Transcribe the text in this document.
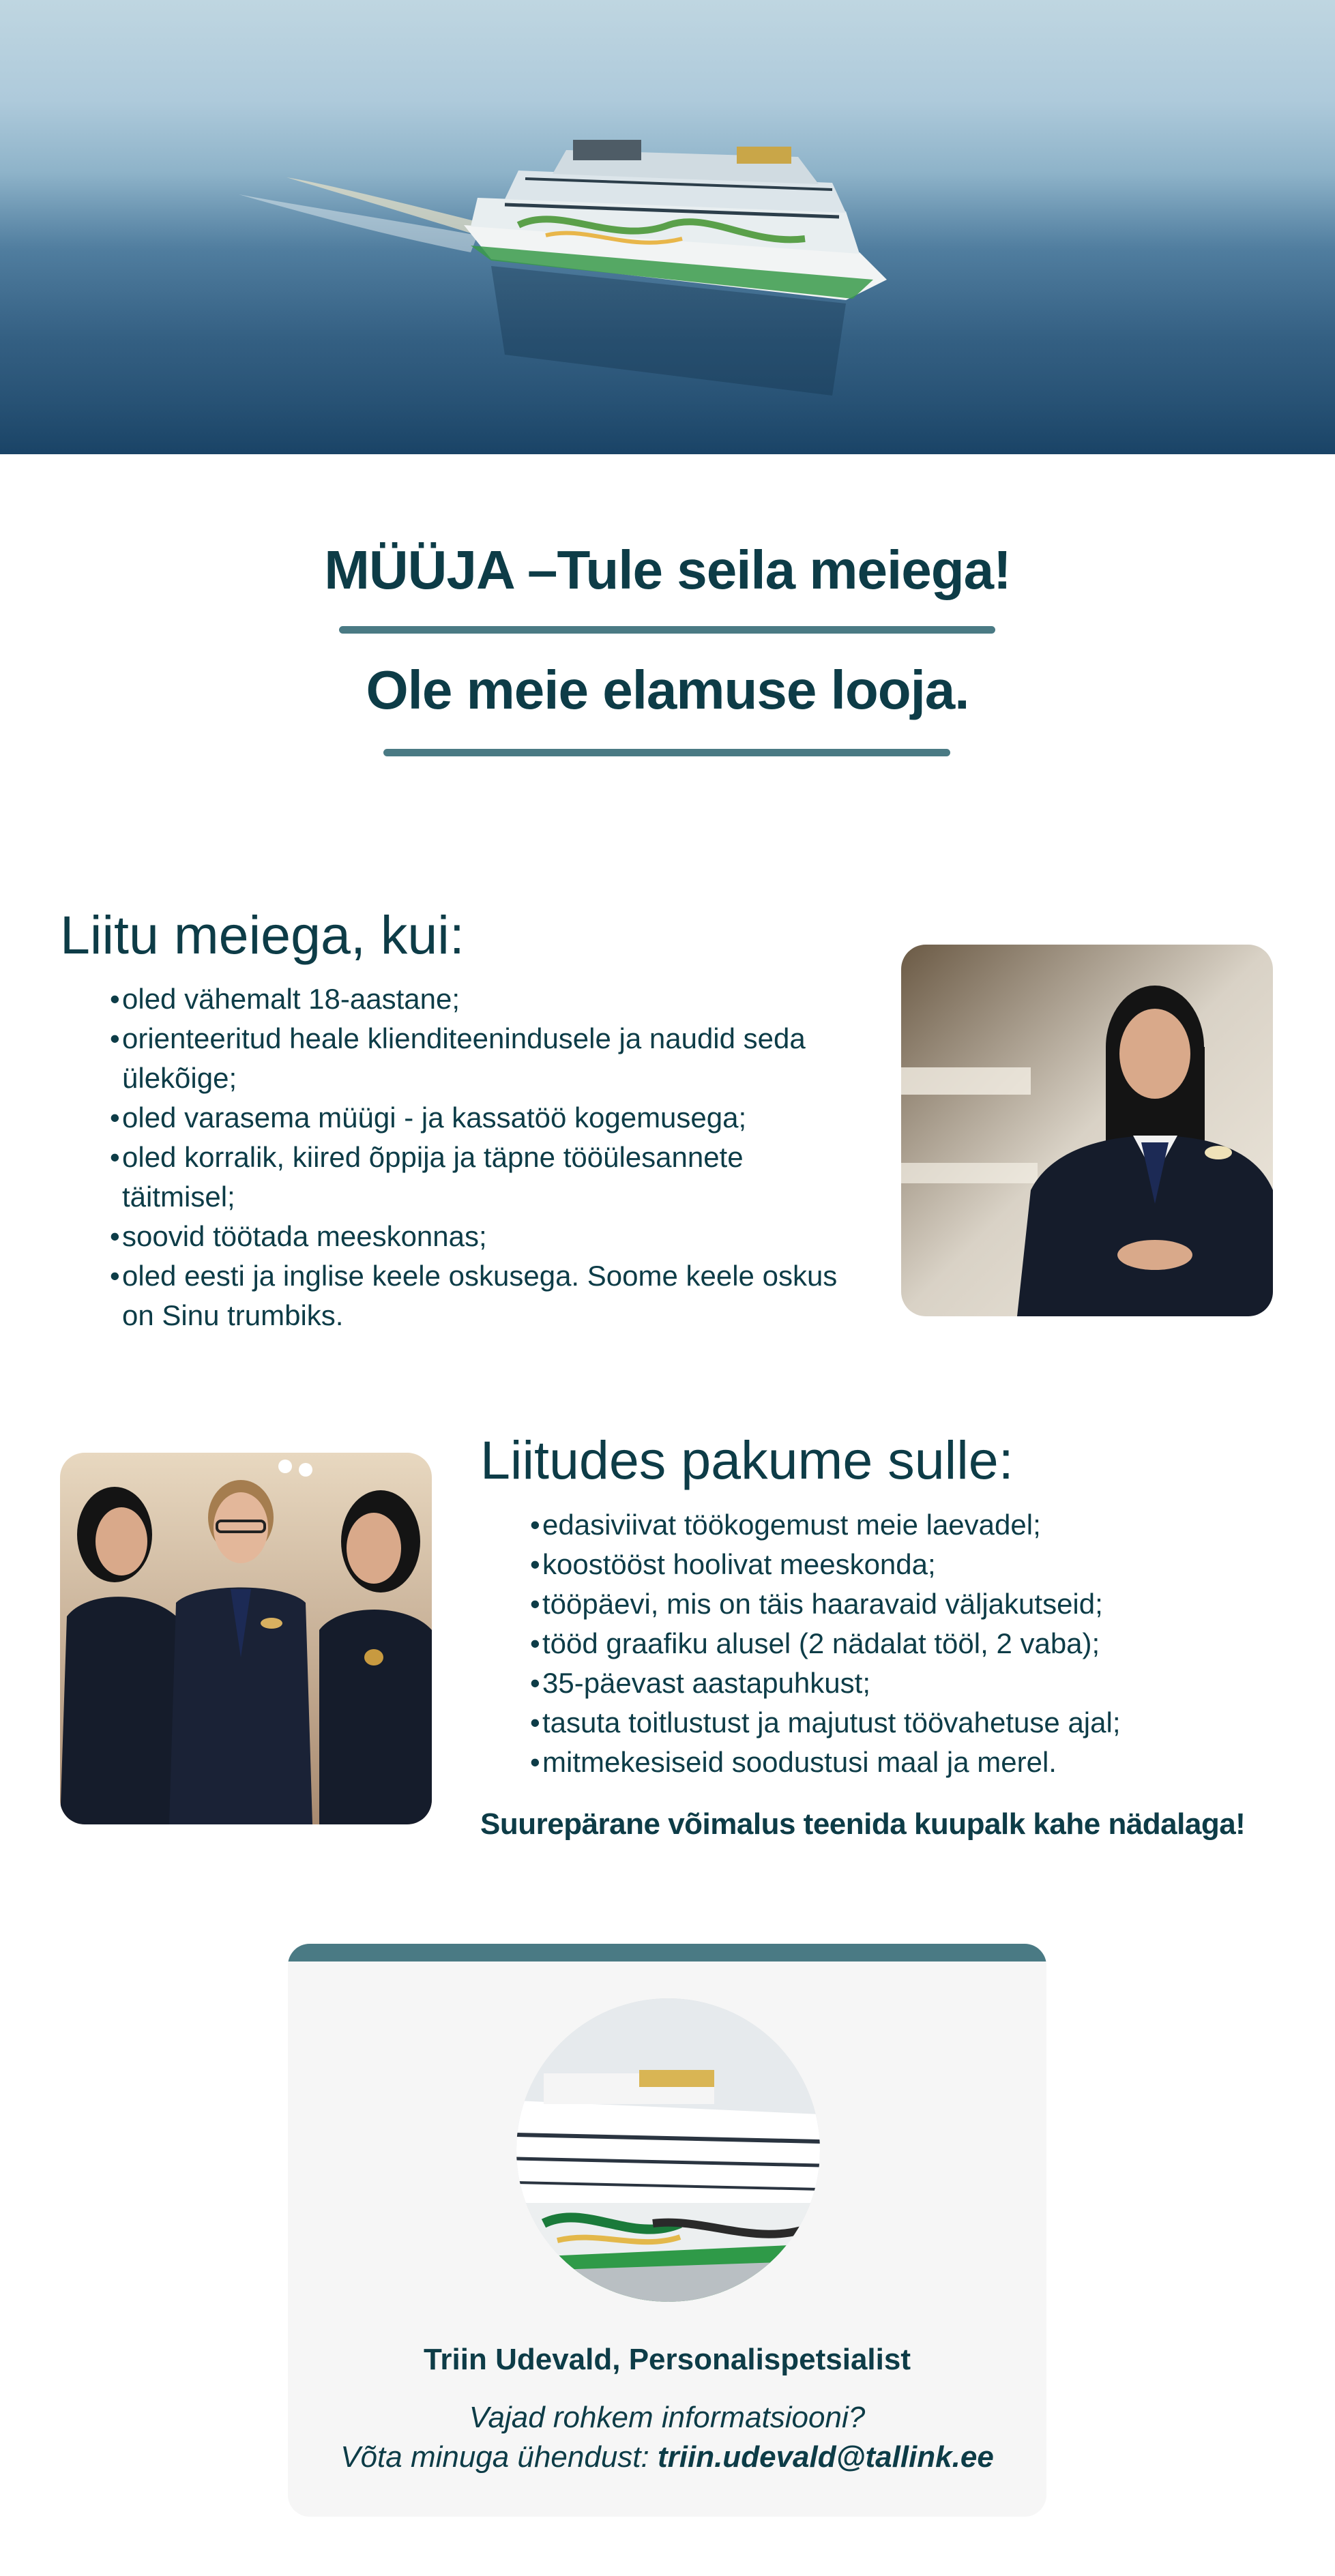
MÜÜJA –Tule seila meiega!
Ole meie elamuse looja.
Liitu meiega, kui:
• oled vähemalt 18-aastane;
• orienteeritud heale klienditeenindusele ja naudid seda ülekõige;
• oled varasema müügi - ja kassatöö kogemusega;
• oled korralik, kiired õppija ja täpne tööülesannete täitmisel;
• soovid töötada meeskonnas;
• oled eesti ja inglise keele oskusega. Soome keele oskus on Sinu trumbiks.
Liitudes pakume sulle:
• edasiviivat töökogemust meie laevadel;
• koostööst hoolivat meeskonda;
• tööpäevi, mis on täis haaravaid väljakutseid;
• tööd graafiku alusel (2 nädalat tööl, 2 vaba);
• 35-päevast aastapuhkust;
• tasuta toitlustust ja majutust töövahetuse ajal;
• mitmekesiseid soodustusi maal ja merel.
Suurepärane võimalus teenida kuupalk kahe nädalaga!
Triin Udevald, Personalispetsialist
Vajad rohkem informatsiooni?
Võta minuga ühendust: triin.udevald@tallink.ee
